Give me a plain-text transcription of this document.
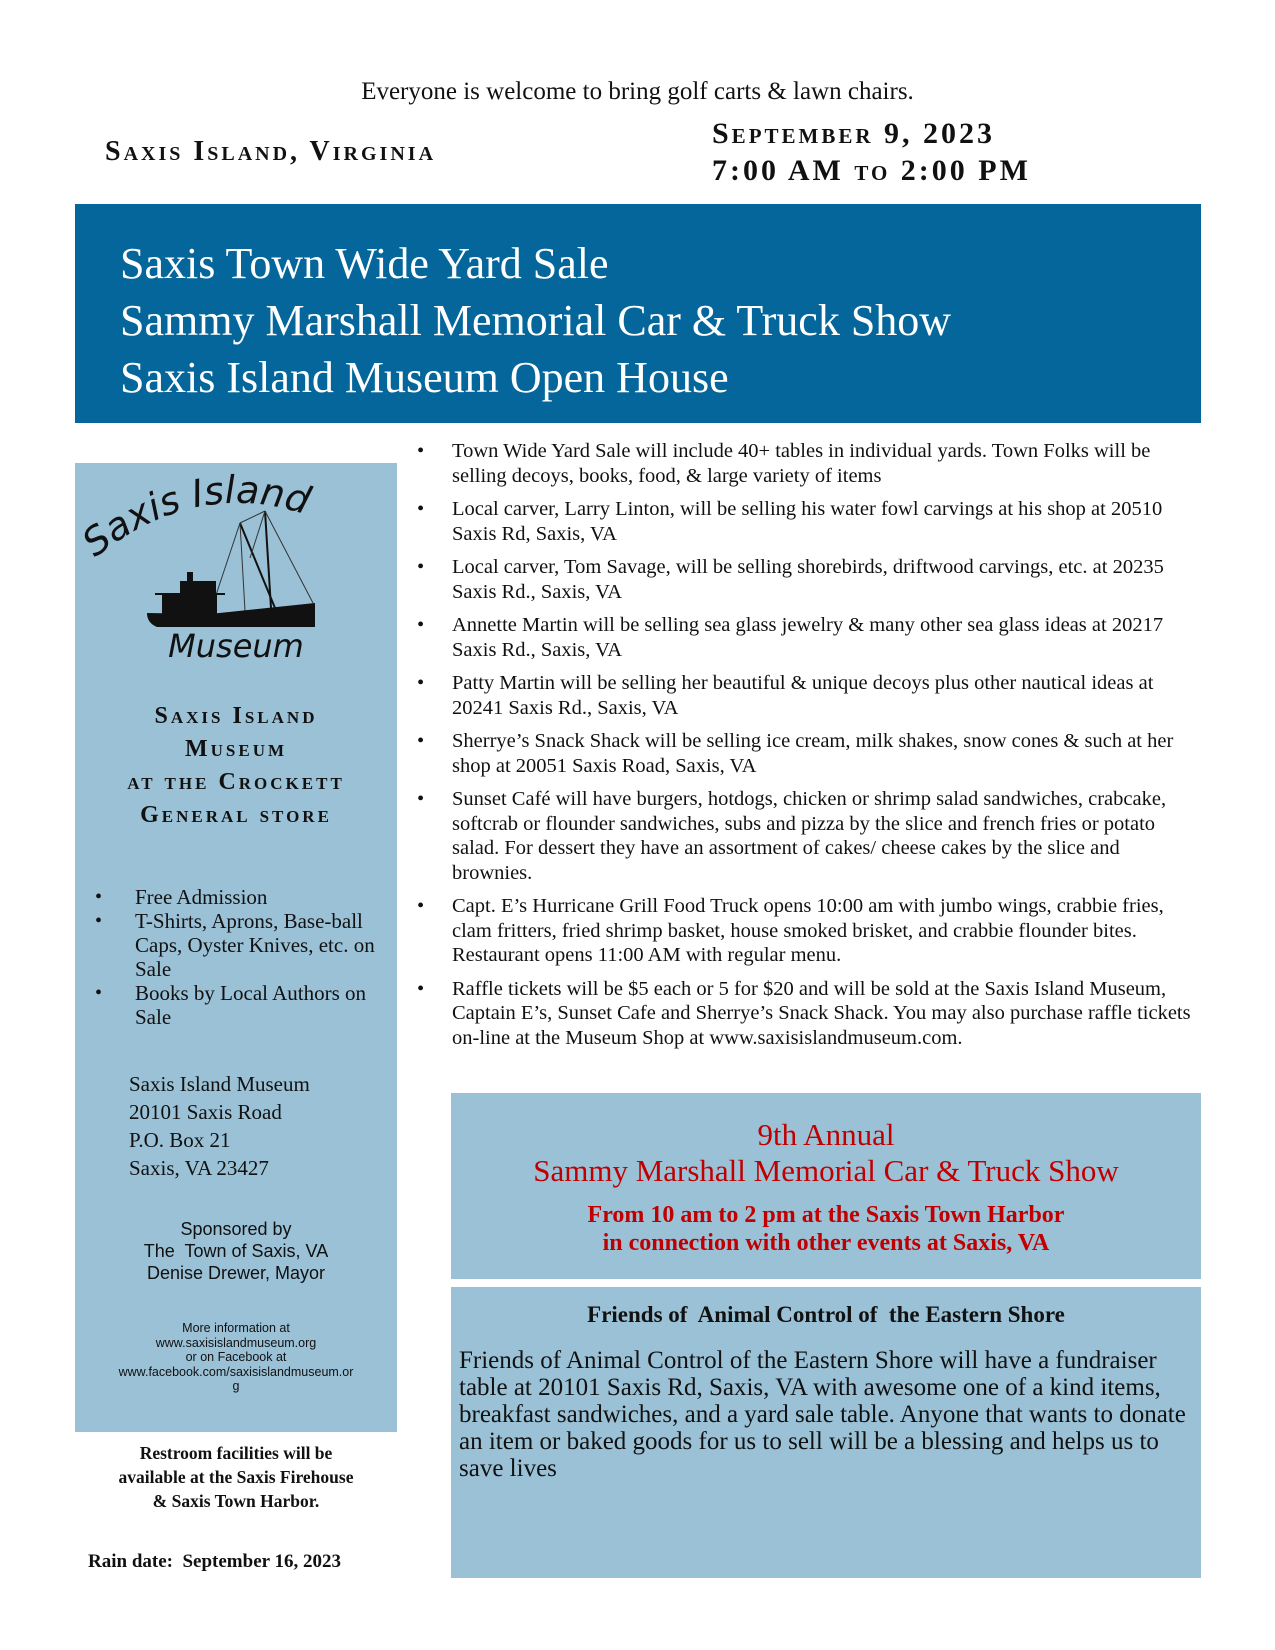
Everyone is welcome to bring golf carts & lawn chairs.
Saxis Island, Virginia
September 9, 2023
7:00 AM to 2:00 PM
Saxis Town Wide Yard Sale
Sammy Marshall Memorial Car & Truck Show
Saxis Island Museum Open House
Saxis Island
Museum
Saxis Island
Museum
at the Crockett
General store
• Free Admission
• T-Shirts, Aprons, Base-ball Caps, Oyster Knives, etc. on Sale
• Books by Local Authors on Sale
Saxis Island Museum
20101 Saxis Road
P.O. Box 21
Saxis, VA 23427
Sponsored by
The  Town of Saxis, VA
Denise Drewer, Mayor
More information at
www.saxisislandmuseum.org
or on Facebook at
www.facebook.com/saxisislandmuseum.or
g
Restroom facilities will be
available at the Saxis Firehouse
& Saxis Town Harbor.
Rain date:  September 16, 2023
• Town Wide Yard Sale will include 40+ tables in individual yards. Town Folks will be selling decoys, books, food, & large variety of items
• Local carver, Larry Linton, will be selling his water fowl carvings at his shop at 20510 Saxis Rd, Saxis, VA
• Local carver, Tom Savage, will be selling shorebirds, driftwood carvings, etc. at 20235 Saxis Rd., Saxis, VA
• Annette Martin will be selling sea glass jewelry & many other sea glass ideas at 20217 Saxis Rd., Saxis, VA
• Patty Martin will be selling her beautiful & unique decoys plus other nautical ideas at 20241 Saxis Rd., Saxis, VA
• Sherrye’s Snack Shack will be selling ice cream, milk shakes, snow cones & such at her shop at 20051 Saxis Road, Saxis, VA
• Sunset Café will have burgers, hotdogs, chicken or shrimp salad sandwiches, crabcake, softcrab or flounder sandwiches, subs and pizza by the slice and french fries or potato salad. For dessert they have an assortment of cakes/ cheese cakes by the slice and brownies.
• Capt. E’s Hurricane Grill Food Truck opens 10:00 am with jumbo wings, crabbie fries, clam fritters, fried shrimp basket, house smoked brisket, and crabbie flounder bites. Restaurant opens 11:00 AM with regular menu.
• Raffle tickets will be $5 each or 5 for $20 and will be sold at the Saxis Island Museum, Captain E’s, Sunset Cafe and Sherrye’s Snack Shack. You may also purchase raffle tickets on-line at the Museum Shop at www.saxisislandmuseum.com.
9th Annual
Sammy Marshall Memorial Car & Truck Show
From 10 am to 2 pm at the Saxis Town Harbor
in connection with other events at Saxis, VA
Friends of  Animal Control of  the Eastern Shore
Friends of Animal Control of the Eastern Shore will have a fundraiser table at 20101 Saxis Rd, Saxis, VA with awesome one of a kind items, breakfast sandwiches, and a yard sale table. Anyone that wants to donate an item or baked goods for us to sell will be a blessing and helps us to save lives
